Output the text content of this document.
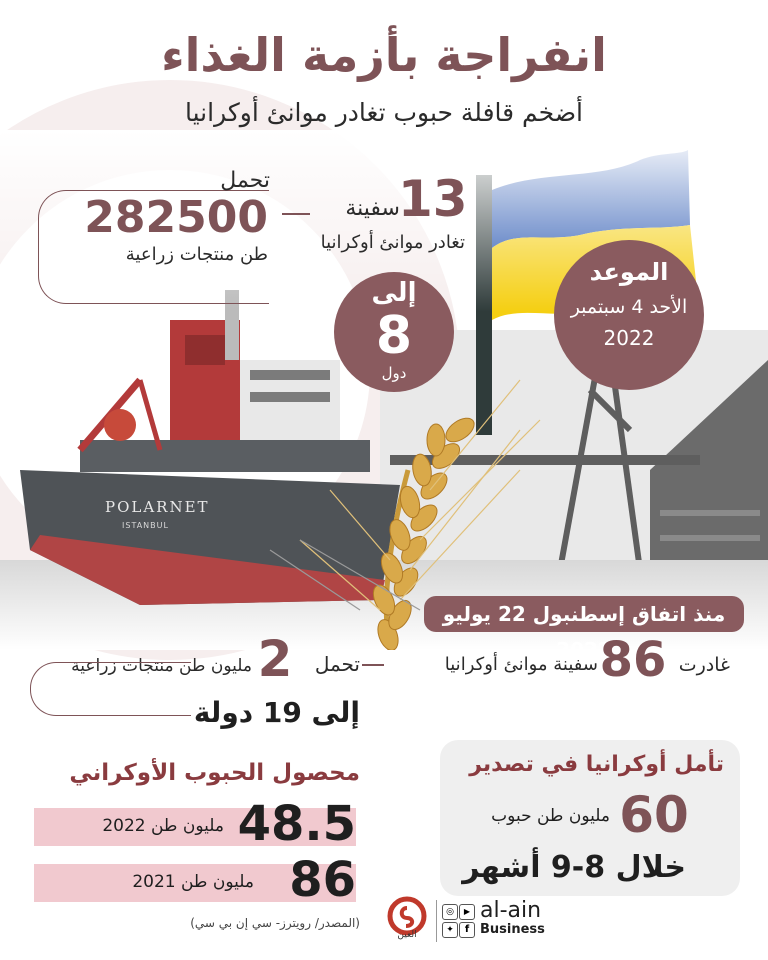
انفراجة بأزمة الغذاء
أضخم قافلة حبوب تغادر موانئ أوكرانيا
13
سفينة
تغادر موانئ أوكرانيا
تحمل
282500
طن منتجات زراعية
إلى
8
دول
الموعد
الأحد 4 سبتمبر
2022
منذ اتفاق إسطنبول 22 يوليو 2022
غادرت
86
سفينة موانئ أوكرانيا
تحمل
2
مليون طن منتجات زراعية
إلى 19 دولة
محصول الحبوب الأوكراني
48.5
مليون طن 2022
86
مليون طن 2021
(المصدر/ رويترز- سي إن بي سي)
تأمل أوكرانيا في تصدير
60
مليون طن حبوب
خلال 8-9 أشهر
العين
◎	▶
✦	f
al-ain
Business
